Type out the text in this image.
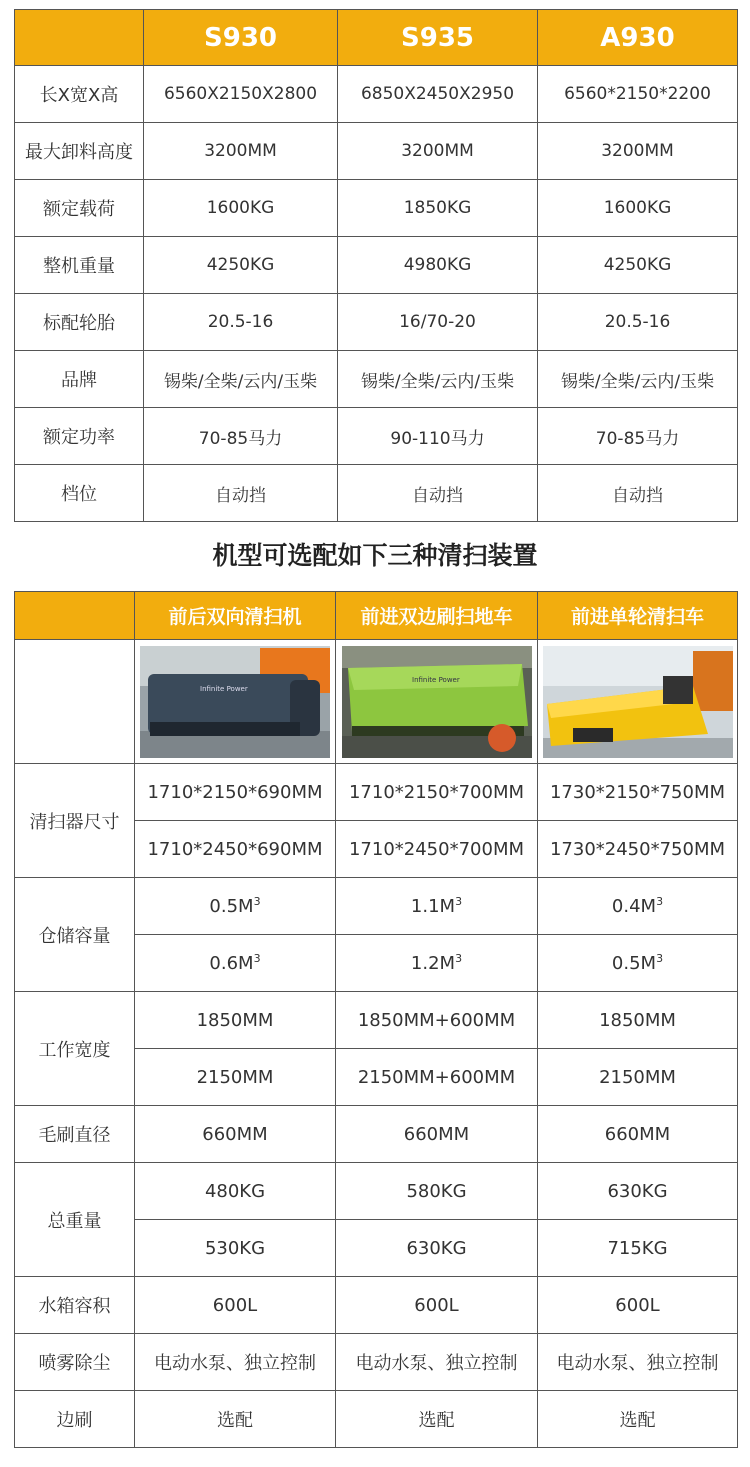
	S930	S935	A930
长X宽X高	6560X2150X2800	6850X2450X2950	6560*2150*2200
最大卸料高度	3200MM	3200MM	3200MM
额定载荷	1600KG	1850KG	1600KG
整机重量	4250KG	4980KG	4250KG
标配轮胎	20.5-16	16/70-20	20.5-16
品牌	锡柴/全柴/云内/玉柴	锡柴/全柴/云内/玉柴	锡柴/全柴/云内/玉柴
额定功率	70-85马力	90-110马力	70-85马力
档位	自动挡	自动挡	自动挡
机型可选配如下三种清扫装置
	前后双向清扫机	前进双边刷扫地车	前进单轮清扫车

Infinite Power	Infinite Power

清扫器尺寸	1710*2150*690MM	1710*2150*700MM	1730*2150*750MM
	1710*2450*690MM	1710*2450*700MM	1730*2450*750MM
仓储容量	$0.5M^3$	$1.1M^3$	$0.4M^3$
	$0.6M^3$	$1.2M^3$	$0.5M^3$
工作宽度	1850MM	1850MM+600MM	1850MM
	2150MM	2150MM+600MM	2150MM
毛刷直径	660MM	660MM	660MM
总重量	480KG	580KG	630KG
	530KG	630KG	715KG
水箱容积	600L	600L	600L
喷雾除尘	电动水泵、独立控制	电动水泵、独立控制	电动水泵、独立控制
边刷	选配	选配	选配
